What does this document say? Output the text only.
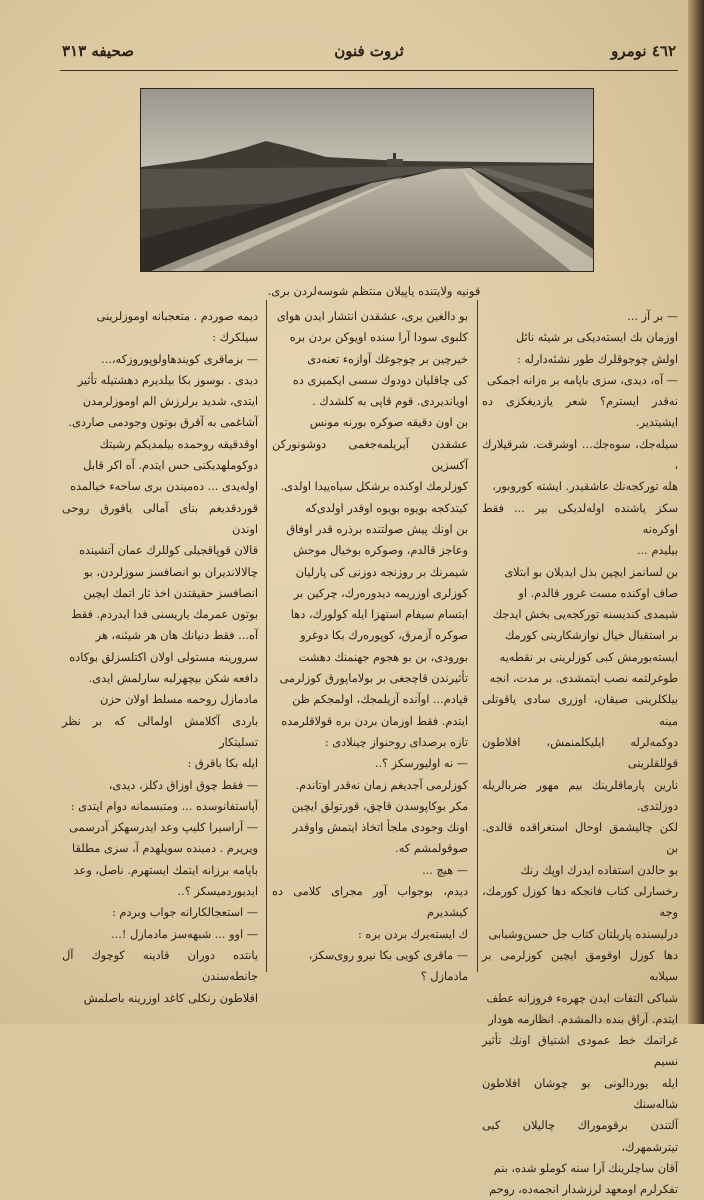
٤٦٢ نومرو
ثروت فنون
صحیفه ٣١٣
قونیه ولایتنده یاپیلان منتظم شوسه‌لردن بری.

— بر آز ...

اوزمان بك ایسته‌دیكی بر شیئه نائل

اولش چوجوقلرك طور نشئه‌دارله :

— آه، دیدی، سزی باپامه بر ه‌زانه اجمکی

نه‌قدر ایسترم؟ شعر یازدیغکزی ده ایشیتدیر.

سیله‌جك، سوه‌جك... اوشرقت. شرقیلارك ،

هله تورکجه‌نك عاشقیدر. ایشته کوروبور،

سکز یاشنده اوله‌لدیکی بیر ... فقط اوکره‌نه

بیلیدم ...

بن لسانمز ایچین بذل ایدیلان بو ابتلای

صاف اوکنده مست غرور قالدم. او

شیمدی کندیسنه تورکجه‌یی بخش ایدجك

بر استقبال خیال نوازشکارینی کورمك

ایسته‌بورمش کبی کوزلرینی بر نقطه‌یه

طوغرلتمه نصب ایتمشدی. بر مدت، انجه

بیلکلرینی صیقان، اوزری سادی یاقوتلی مینه

دوکمه‌لرله ایلیکلمنمش، افلاطون قوللقلرینی

نارین پارماقلرینك بیم مهور ضربالریله دوزلتدی.

لکن چالیشمق اوحال استغراقده قالدی. بن

بو حالدن استفاده ایدرك اوپك رنك

رخسارلی کتاب فانجکه دها کوزل کورمك، وجه

درلیسنده پاریلتان کتاب جل حسن‌وشبابی

دها کوزل اوقومق ایچین کوزلرمی بر سیلابه

شباکی التفات ایدن چهره‌ء فروزانه عطف

ایتدم. آراق بنده دالمشدم. انظارمه هودار

غراتمك خط عمودی اشتیاق اونك تأثیر نسیم

ایله یوردالونی بو چوشان افلاطون شاله‌سنك

آلتندن برقوموراك چالیلان کبی تیترشمهرك،

آقان ساچلرینك آرا سنه کوملو شده، بنم

تفکرلرم اومعهد لرزشدار انجمه‌ده، روحم

بو دالغین یری، عشقدن انتشار ایدن هوای

کلبوی سودا آرا سنده اویوکن بردن بره

خیرچین بر چوجوغك آوازهء تعنه‌دی

کی چاقلیان دودوك سسی ایکمیزی ده

اویاندیردی. قوم قاپی به کلشدك .

بن اون دقیقه صوکره بورنه مونس

عشقدن آیریلمه‌جغمی دوشونورکن آکسزین

کوزلرمك اوکنده برشکل سیاه‌ییدا اولدی.

کیتدکجه بویوه بویوه اوقدر اولدی‌که

بن اونك پیش صولتنده برذره قدر اوفاق

وعاجز قالدم، وصوکره بوخیال موحش

شیمرنك بر روزنجه دوزنی کی پارلیان

کوزلری اوزریمه دیدوره‌رك، چرکین بر

ابتسام سیفام استهزا ایله کولورك، دها

صوکره آزمرق، کوپوره‌رك بکا دوغرو

بورودی، بن بو هجوم جهنمنك دهشت

تأثیرندن قاچجغی بر بولاماپورق کوزلرمی

قپادم... اوآنده آزیلمجك، اولمجکم ظن

ایتدم. فقط اوزمان بردن بره قولاقلرمده

تازه برصدای روحنواز چینلادی :

— نه اولیورسکز ؟..

کوزلرمی آجدیغم زمان نه‌قدر اوتاندم.

مکر بوکاپوسدن قاچق، قورتولق ایچین

اونك وجودی ملجأ اتخاذ ایتمش واوقدر

صوقولمشم که.

— هیچ ...

دیدم، بوجواب آور مجرای کلامی ده کیشدیرم

ك ایسته‌یرك بردن بره :

— ماقری کویی بکا نیرو روی‌سکز،

مادمازل ؟

دیمه صوردم . متعجبانه اوموزلرینی

سیلکرك :

— بزماقری کویندهاولوپوروزکه،...

دیدی . بوسوز بکا بیلدیرم دهشتیله تأثیر

ایتدی، شدید برلرزش الم اوموزلرمدن

آشاغمی به آقرق بوتون وجودمی صاردی.

اوقدقیقه روحمده بیلمدیکم رشیتك

دوکوملهدیکنی حس ایتدم. آه اکر قابل

اوله‌یدی ... ده‌میندن بری ساحهء خیالمده

قوردقدیغم بنای آمالی یاقورق روحی اوندن

قالان قوپاقجیلی کوللرك عمان آتشینده

چالالاندیران بو انصافسز سوزلردن، بو

انصافسز حقیقتدن اخذ ثار اتمك ایچین

بوتون عمرمك یاریسنی فدا ایدردم. فقط

آه... فقط دنیانك هان هر شیئنه، هر

سرورینه مستولی اولان اکتلسزلق بوکاده

دافعه شکن بیچهرلبه سارلمش ایدی.

مادمازل روحمه مسلط اولان حزن

باردی آکلامش اولمالی که بر نظر تسلیتکار

ایله بکا باقرق :

— فقط چوق اوزاق دکلز، دیدی،

آپاستفانوسده ... ومتبسمانه دوام ایتدی :

— آراسیرا کلیپ وعد ایدرسهکز آدرسمی

ویریرم . دمینده سویلهدم آ، سزی مطلقا

باپامه برزانه ایتمك ایستهرم. ناصل، وعد

ایدیوردمیسکز ؟..

— استعجالکارانه جواب وبردم :

— اوو ... شبهه‌سز مادمازل !...

یانتده دوران قادینه کوچوك آل جانطه‌سندن

افلاطون رنکلی کاغد اوزرینه باصلمش
